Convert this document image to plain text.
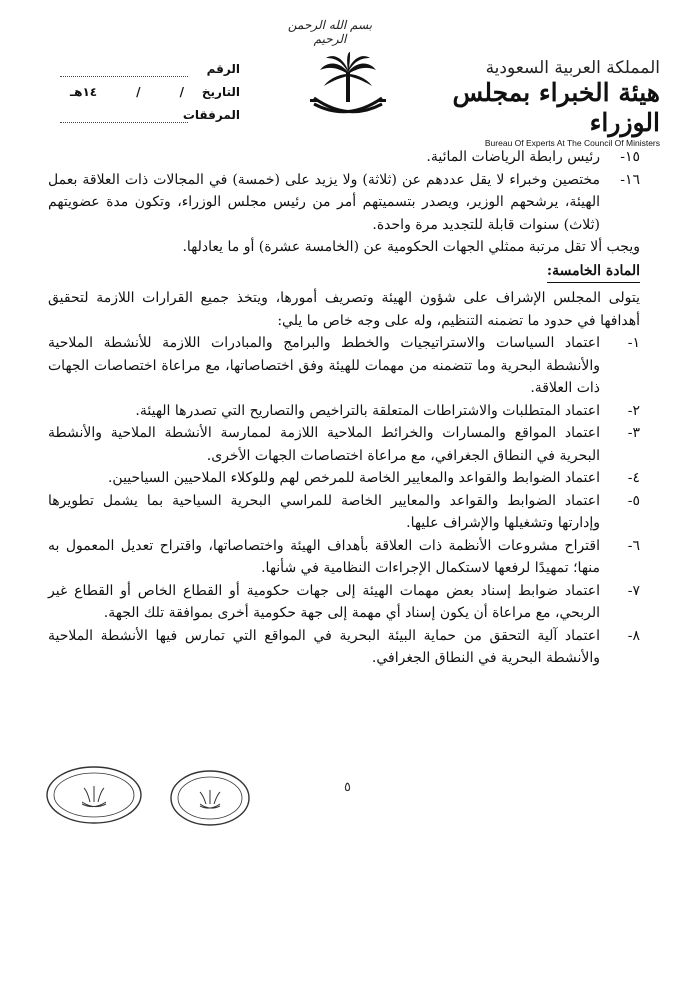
بسم الله الرحمن الرحيم
المملكة العربية السعودية
هيئة الخبراء بمجلس الوزراء
Bureau Of Experts At The Council Of Ministers
الرقم
التاريخ
/
/
١٤هـ
المرفقات
١٥-
رئيس رابطة الرياضات المائية.
١٦-
مختصين وخبراء لا يقل عددهم عن (ثلاثة) ولا يزيد على (خمسة) في المجالات ذات العلاقة بعمل الهيئة، يرشحهم الوزير، ويصدر بتسميتهم أمر من رئيس مجلس الوزراء، وتكون مدة عضويتهم (ثلاث) سنوات قابلة للتجديد مرة واحدة.

ويجب ألا تقل مرتبة ممثلي الجهات الحكومية عن (الخامسة عشرة) أو ما يعادلها.

المادة الخامسة:

يتولى المجلس الإشراف على شؤون الهيئة وتصريف أمورها، ويتخذ جميع القرارات اللازمة لتحقيق أهدافها في حدود ما تضمنه التنظيم، وله على وجه خاص ما يلي:

١-
اعتماد السياسات والاستراتيجيات والخطط والبرامج والمبادرات اللازمة للأنشطة الملاحية والأنشطة البحرية وما تتضمنه من مهمات للهيئة وفق اختصاصاتها، مع مراعاة اختصاصات الجهات ذات العلاقة.
٢-
اعتماد المتطلبات والاشتراطات المتعلقة بالتراخيص والتصاريح التي تصدرها الهيئة.
٣-
اعتماد المواقع والمسارات والخرائط الملاحية اللازمة لممارسة الأنشطة الملاحية والأنشطة البحرية في النطاق الجغرافي، مع مراعاة اختصاصات الجهات الأخرى.
٤-
اعتماد الضوابط والقواعد والمعايير الخاصة للمرخص لهم وللوكلاء الملاحيين السياحيين.
٥-
اعتماد الضوابط والقواعد والمعايير الخاصة للمراسي البحرية السياحية بما يشمل تطويرها وإدارتها وتشغيلها والإشراف عليها.
٦-
اقتراح مشروعات الأنظمة ذات العلاقة بأهداف الهيئة واختصاصاتها، واقتراح تعديل المعمول به منها؛ تمهيدًا لرفعها لاستكمال الإجراءات النظامية في شأنها.
٧-
اعتماد ضوابط إسناد بعض مهمات الهيئة إلى جهات حكومية أو القطاع الخاص أو القطاع غير الربحي، مع مراعاة أن يكون إسناد أي مهمة إلى جهة حكومية أخرى بموافقة تلك الجهة.
٨-
اعتماد آلية التحقق من حماية البيئة البحرية في المواقع التي تمارس فيها الأنشطة الملاحية والأنشطة البحرية في النطاق الجغرافي.
٥
